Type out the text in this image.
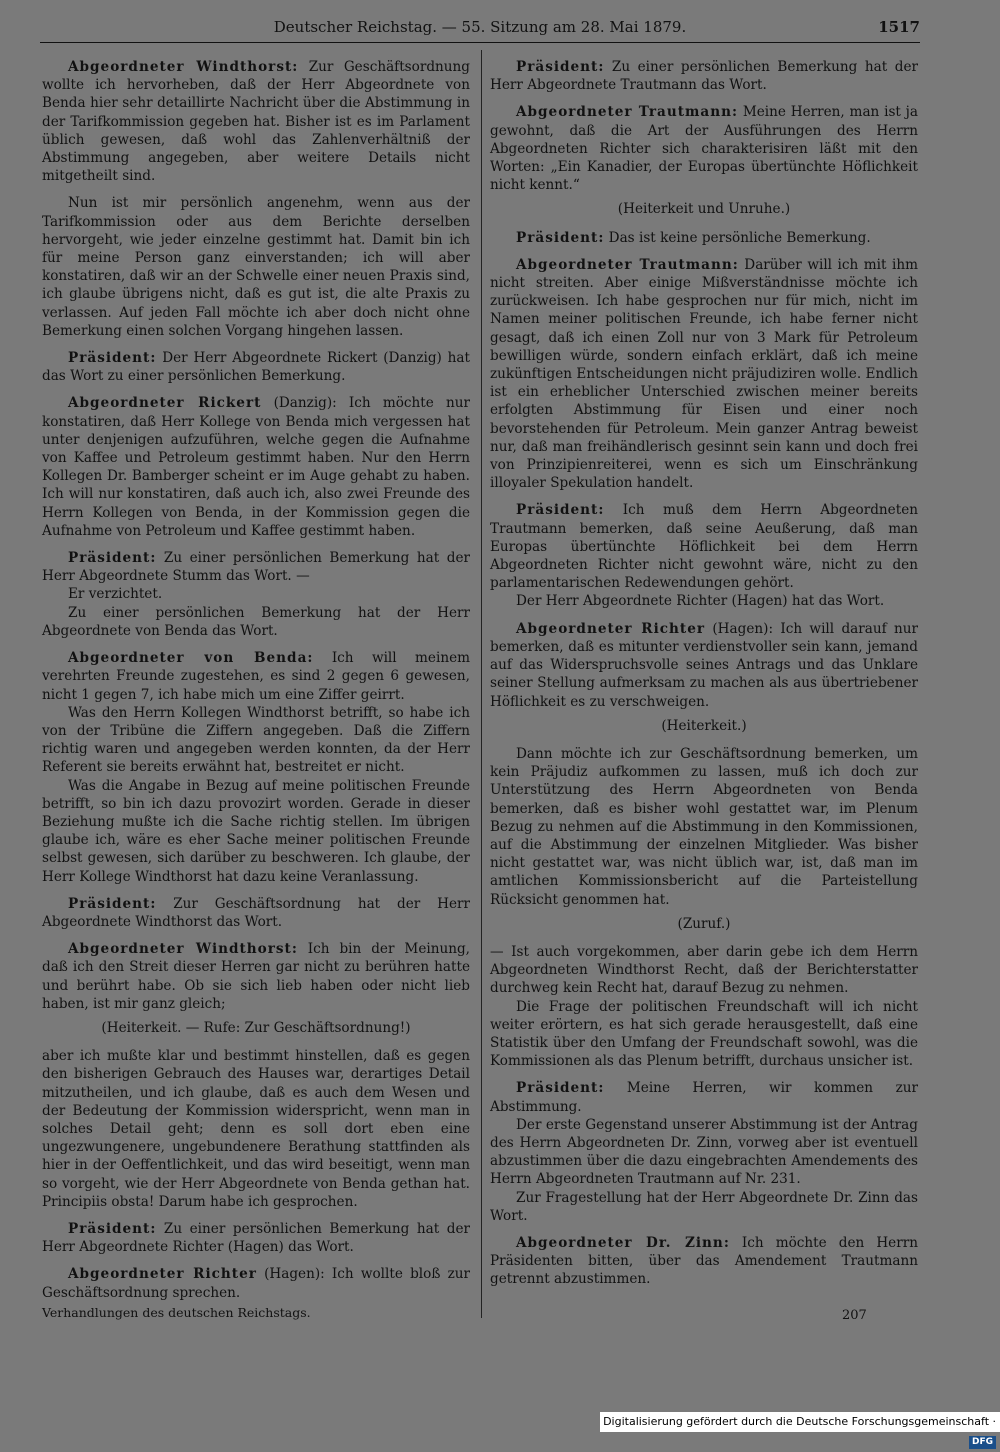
Deutscher Reichstag. — 55. Sitzung am 28. Mai 1879.	1517

Abgeordneter Windthorst: Zur Geschäftsordnung wollte ich hervorheben, daß der Herr Abgeordnete von Benda hier sehr detaillirte Nachricht über die Abstimmung in der Tarifkommission gegeben hat. Bisher ist es im Parlament üblich gewesen, daß wohl das Zahlenverhältniß der Abstimmung angegeben, aber weitere Details nicht mitgetheilt sind.

Nun ist mir persönlich angenehm, wenn aus der Tarifkommission oder aus dem Berichte derselben hervorgeht, wie jeder einzelne gestimmt hat. Damit bin ich für meine Person ganz einverstanden; ich will aber konstatiren, daß wir an der Schwelle einer neuen Praxis sind, ich glaube übrigens nicht, daß es gut ist, die alte Praxis zu verlassen. Auf jeden Fall möchte ich aber doch nicht ohne Bemerkung einen solchen Vorgang hingehen lassen.

Präsident: Der Herr Abgeordnete Rickert (Danzig) hat das Wort zu einer persönlichen Bemerkung.

Abgeordneter Rickert (Danzig): Ich möchte nur konstatiren, daß Herr Kollege von Benda mich vergessen hat unter denjenigen aufzuführen, welche gegen die Aufnahme von Kaffee und Petroleum gestimmt haben. Nur den Herrn Kollegen Dr. Bamberger scheint er im Auge gehabt zu haben. Ich will nur konstatiren, daß auch ich, also zwei Freunde des Herrn Kollegen von Benda, in der Kommission gegen die Aufnahme von Petroleum und Kaffee gestimmt haben.

Präsident: Zu einer persönlichen Bemerkung hat der Herr Abgeordnete Stumm das Wort. —

Er verzichtet.

Zu einer persönlichen Bemerkung hat der Herr Abgeordnete von Benda das Wort.

Abgeordneter von Benda: Ich will meinem verehrten Freunde zugestehen, es sind 2 gegen 6 gewesen, nicht 1 gegen 7, ich habe mich um eine Ziffer geirrt.

Was den Herrn Kollegen Windthorst betrifft, so habe ich von der Tribüne die Ziffern angegeben. Daß die Ziffern richtig waren und angegeben werden konnten, da der Herr Referent sie bereits erwähnt hat, bestreitet er nicht.

Was die Angabe in Bezug auf meine politischen Freunde betrifft, so bin ich dazu provozirt worden. Gerade in dieser Beziehung mußte ich die Sache richtig stellen. Im übrigen glaube ich, wäre es eher Sache meiner politischen Freunde selbst gewesen, sich darüber zu beschweren. Ich glaube, der Herr Kollege Windthorst hat dazu keine Veranlassung.

Präsident: Zur Geschäftsordnung hat der Herr Abgeordnete Windthorst das Wort.

Abgeordneter Windthorst: Ich bin der Meinung, daß ich den Streit dieser Herren gar nicht zu berühren hatte und berührt habe. Ob sie sich lieb haben oder nicht lieb haben, ist mir ganz gleich;

(Heiterkeit. — Rufe: Zur Geschäftsordnung!)

aber ich mußte klar und bestimmt hinstellen, daß es gegen den bisherigen Gebrauch des Hauses war, derartiges Detail mitzutheilen, und ich glaube, daß es auch dem Wesen und der Bedeutung der Kommission widerspricht, wenn man in solches Detail geht; denn es soll dort eben eine ungezwungenere, ungebundenere Berathung stattfinden als hier in der Oeffentlichkeit, und das wird beseitigt, wenn man so vorgeht, wie der Herr Abgeordnete von Benda gethan hat. Principiis obsta! Darum habe ich gesprochen.

Präsident: Zu einer persönlichen Bemerkung hat der Herr Abgeordnete Richter (Hagen) das Wort.

Abgeordneter Richter (Hagen): Ich wollte bloß zur Geschäftsordnung sprechen.

Verhandlungen des deutschen Reichstags.

Präsident: Zu einer persönlichen Bemerkung hat der Herr Abgeordnete Trautmann das Wort.

Abgeordneter Trautmann: Meine Herren, man ist ja gewohnt, daß die Art der Ausführungen des Herrn Abgeordneten Richter sich charakterisiren läßt mit den Worten: „Ein Kanadier, der Europas übertünchte Höflichkeit nicht kennt.“

(Heiterkeit und Unruhe.)

Präsident: Das ist keine persönliche Bemerkung.

Abgeordneter Trautmann: Darüber will ich mit ihm nicht streiten. Aber einige Mißverständnisse möchte ich zurückweisen. Ich habe gesprochen nur für mich, nicht im Namen meiner politischen Freunde, ich habe ferner nicht gesagt, daß ich einen Zoll nur von 3 Mark für Petroleum bewilligen würde, sondern einfach erklärt, daß ich meine zukünftigen Entscheidungen nicht präjudiziren wolle. Endlich ist ein erheblicher Unterschied zwischen meiner bereits erfolgten Abstimmung für Eisen und einer noch bevorstehenden für Petroleum. Mein ganzer Antrag beweist nur, daß man freihändlerisch gesinnt sein kann und doch frei von Prinzipienreiterei, wenn es sich um Einschränkung illoyaler Spekulation handelt.

Präsident: Ich muß dem Herrn Abgeordneten Trautmann bemerken, daß seine Aeußerung, daß man Europas übertünchte Höflichkeit bei dem Herrn Abgeordneten Richter nicht gewohnt wäre, nicht zu den parlamentarischen Redewendungen gehört.

Der Herr Abgeordnete Richter (Hagen) hat das Wort.

Abgeordneter Richter (Hagen): Ich will darauf nur bemerken, daß es mitunter verdienstvoller sein kann, jemand auf das Widerspruchsvolle seines Antrags und das Unklare seiner Stellung aufmerksam zu machen als aus übertriebener Höflichkeit es zu verschweigen.

(Heiterkeit.)

Dann möchte ich zur Geschäftsordnung bemerken, um kein Präjudiz aufkommen zu lassen, muß ich doch zur Unterstützung des Herrn Abgeordneten von Benda bemerken, daß es bisher wohl gestattet war, im Plenum Bezug zu nehmen auf die Abstimmung in den Kommissionen, auf die Abstimmung der einzelnen Mitglieder. Was bisher nicht gestattet war, was nicht üblich war, ist, daß man im amtlichen Kommissionsbericht auf die Parteistellung Rücksicht genommen hat.

(Zuruf.)

— Ist auch vorgekommen, aber darin gebe ich dem Herrn Abgeordneten Windthorst Recht, daß der Berichterstatter durchweg kein Recht hat, darauf Bezug zu nehmen.

Die Frage der politischen Freundschaft will ich nicht weiter erörtern, es hat sich gerade herausgestellt, daß eine Statistik über den Umfang der Freundschaft sowohl, was die Kommissionen als das Plenum betrifft, durchaus unsicher ist.

Präsident: Meine Herren, wir kommen zur Abstimmung.

Der erste Gegenstand unserer Abstimmung ist der Antrag des Herrn Abgeordneten Dr. Zinn, vorweg aber ist eventuell abzustimmen über die dazu eingebrachten Amendements des Herrn Abgeordneten Trautmann auf Nr. 231.

Zur Fragestellung hat der Herr Abgeordnete Dr. Zinn das Wort.

Abgeordneter Dr. Zinn: Ich möchte den Herrn Präsidenten bitten, über das Amendement Trautmann getrennt abzustimmen.

207
Digitalisierung gefördert durch die Deutsche Forschungsgemeinschaft ·DFG
